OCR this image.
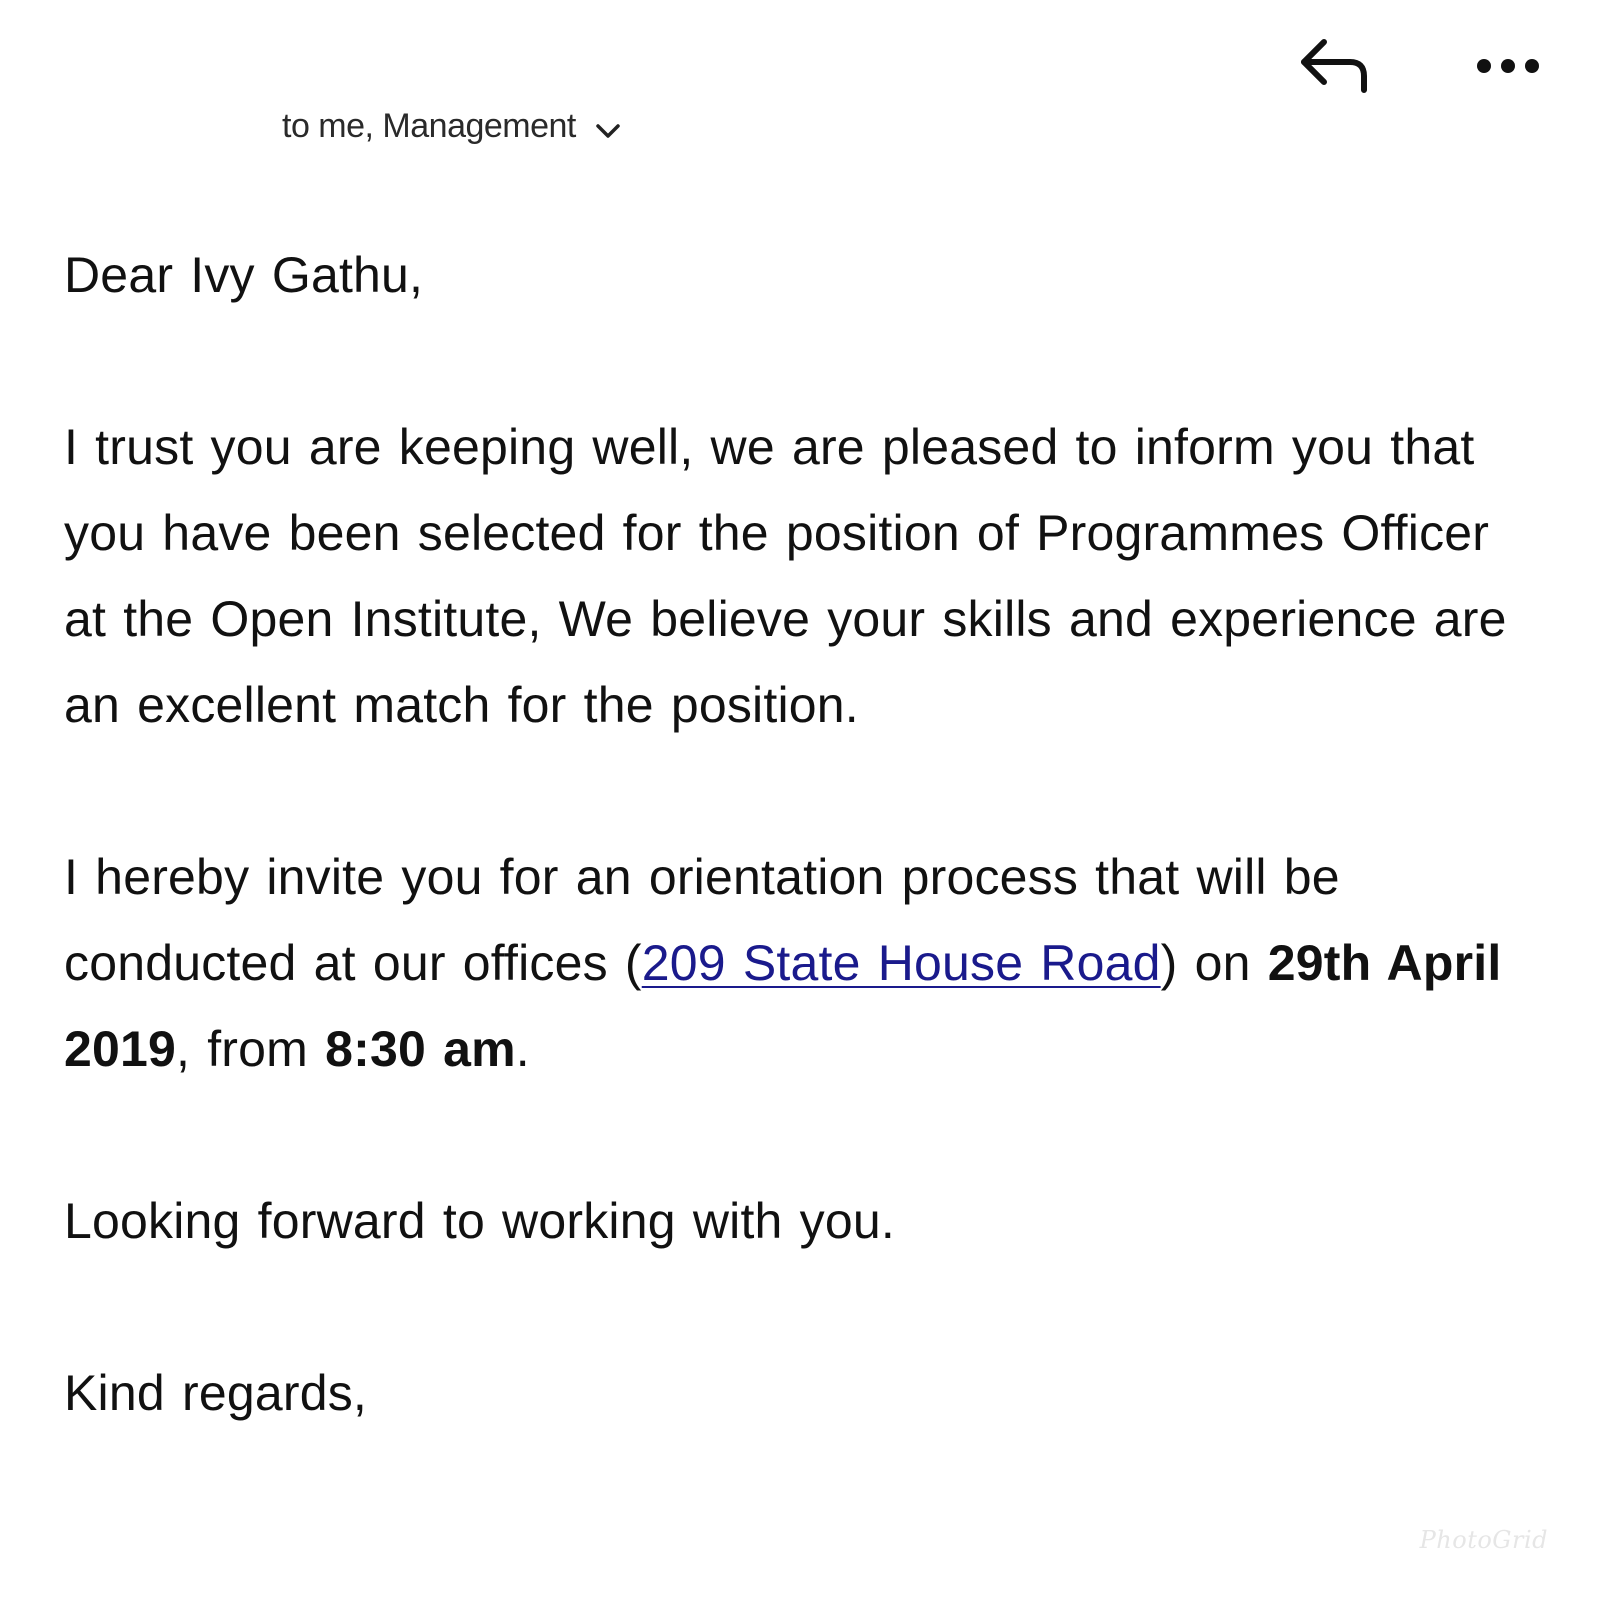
to me, Management

Dear Ivy Gathu,

I trust you are keeping well, we are pleased to inform you that you have been selected for the position of Programmes Officer at the Open Institute, We believe your skills and experience are an excellent match for the position.

I hereby invite you for an orientation process that will be conducted at our offices (209 State House Road) on 29th April 2019, from 8:30 am.

Looking forward to working with you.

Kind regards,

PhotoGrid
